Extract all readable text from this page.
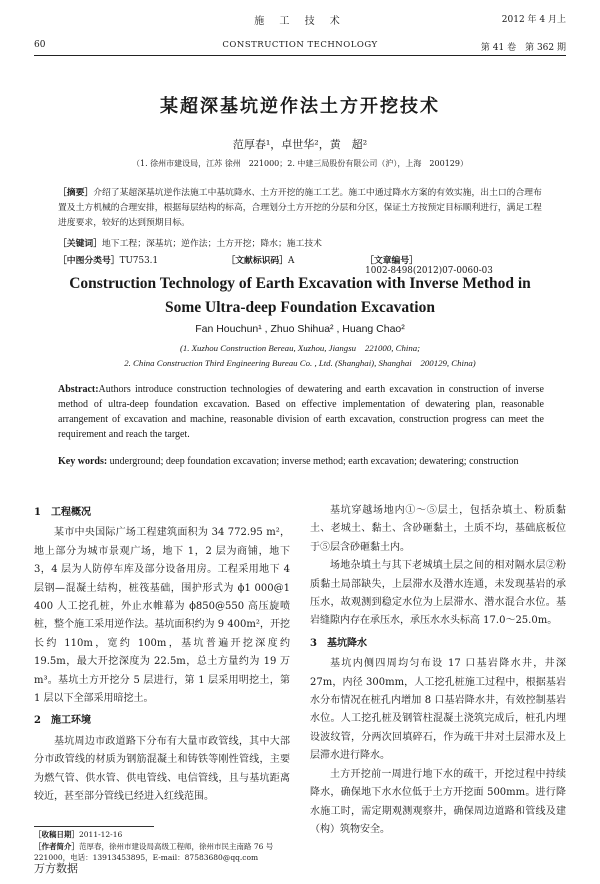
施 工 技 术	2012 年 4 月上
60	CONSTRUCTION TECHNOLOGY	第 41 卷　第 362 期
某超深基坑逆作法土方开挖技术
范厚春¹，卓世华²，黄　超²
（1. 徐州市建设局，江苏 徐州　221000；2. 中建三局股份有限公司（沪），上海　200129）
［摘要］介绍了某超深基坑逆作法施工中基坑降水、土方开挖的施工工艺。施工中通过降水方案的有效实施，出土口的合理布置及土方机械的合理安排，根据每层结构的标高，合理划分土方开挖的分层和分区，保证土方按预定目标顺利进行，满足工程进度要求，较好的达到预期目标。
［关键词］地下工程；深基坑；逆作法；土方开挖；降水；施工技术
［中图分类号］TU753.1	［文献标识码］A	［文章编号］1002-8498(2012)07-0060-03
Construction Technology of Earth Excavation with Inverse Method in
Some Ultra-deep Foundation Excavation
Fan Houchun¹ , Zhuo Shihua² , Huang Chao²
(1. Xuzhou Construction Bereau, Xuzhou, Jiangsu　221000, China;
2. China Construction Third Engineering Bureau Co. , Ltd. (Shanghai), Shanghai　200129, China)
Abstract:Authors introduce construction technologies of dewatering and earth excavation in construction of inverse method of ultra-deep foundation excavation. Based on effective implementation of dewatering plan, reasonable arrangement of excavation and machine, reasonable division of earth excavation, construction progress can meet the requirement and reach the target.
Key words: underground; deep foundation excavation; inverse method; earth excavation; dewatering; construction
1　工程概况

某市中央国际广场工程建筑面积为 34 772.95 m²，地上部分为城市景观广场，地下 1，2 层为商铺，地下 3，4 层为人防停车库及部分设备用房。工程采用地下 4 层钢—混凝土结构，桩筏基础，围护形式为 ϕ1 000@1 400 人工挖孔桩，外止水帷幕为 ϕ850@550 高压旋喷桩，整个施工采用逆作法。基坑面积约为 9 400m²，开挖长约 110m，宽约 100m，基坑普遍开挖深度约 19.5m，最大开挖深度为 22.5m，总土方量约为 19 万 m³。基坑土方开挖分 5 层进行，第 1 层采用明挖土，第 1 层以下全部采用暗挖土。

2　施工环境

基坑周边市政道路下分布有大量市政管线，其中大部分市政管线的材质为钢筋混凝土和铸铁等刚性管线，主要为燃气管、供水管、供电管线、电信管线，且与基坑距离较近，甚至部分管线已经进入红线范围。

基坑穿越场地内①～⑤层土，包括杂填土、粉质黏土、老城土、黏土、含砂砸黏土，土质不均，基础底板位于⑤层含砂砸黏土内。

场地杂填土与其下老城填土层之间的相对隔水层②粉质黏土局部缺失，上层滞水及潜水连通，未发现基岩的承压水，故观测到稳定水位为上层滞水、潜水混合水位。基岩缝隙内存在承压水，承压水水头标高 17.0～25.0m。

3　基坑降水

基坑内侧四周均匀布设 17 口基岩降水井，井深 27m，内径 300mm，人工挖孔桩施工过程中，根据基岩水分布情况在桩孔内增加 8 口基岩降水井，有效控制基岩水位。人工挖孔桩及钢管柱混凝土浇筑完成后，桩孔内埋设波纹管，分两次回填碎石，作为疏干井对土层滞水及上层滞水进行降水。

土方开挖前一周进行地下水的疏干，开挖过程中持续降水，确保地下水水位低于土方开挖面 500mm。进行降水施工时，需定期观测观察井，确保周边道路和管线及建（构）筑物安全。

［收稿日期］2011-12-16
［作者简介］范厚春，徐州市建设局高级工程师，徐州市民主南路 76 号　221000，电话：13913453895，E-mail：87583680@qq.com
万方数据
